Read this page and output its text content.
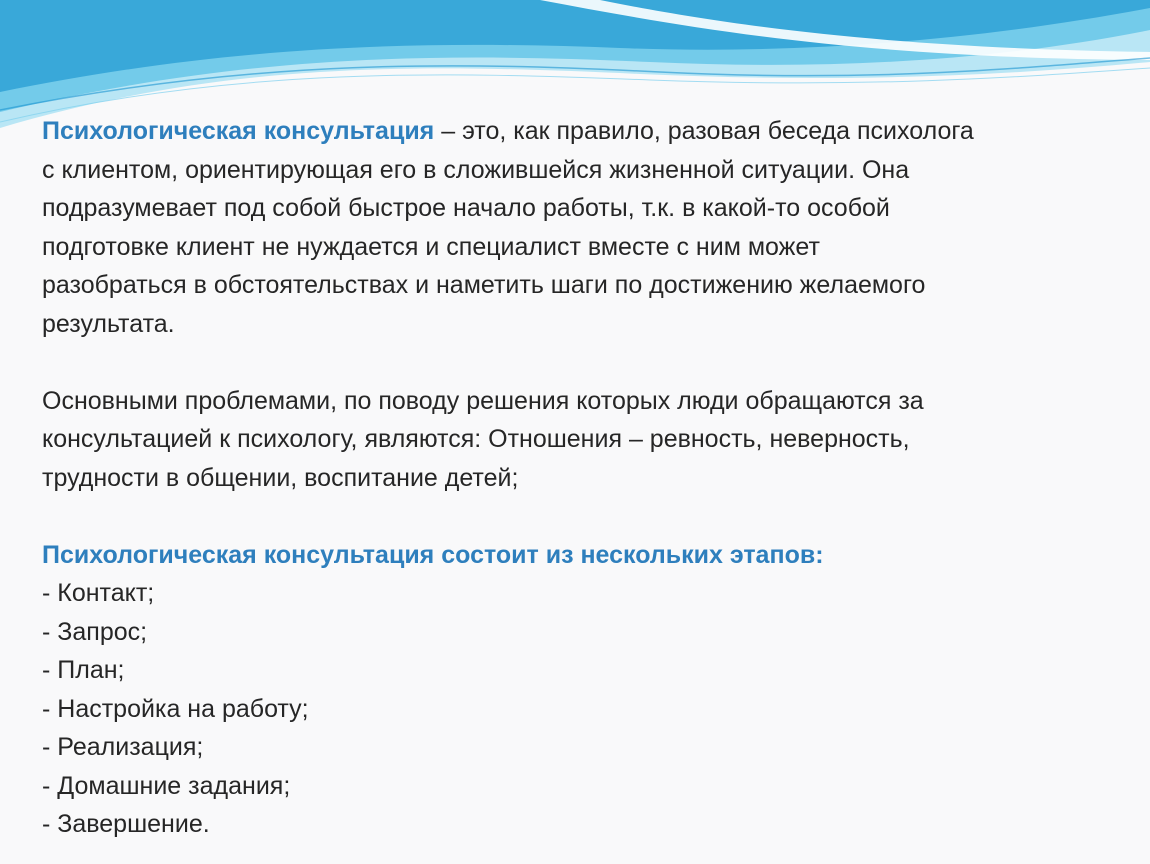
Психологическая консультация – это, как правило, разовая беседа психолога
с клиентом, ориентирующая его в сложившейся жизненной ситуации. Она
подразумевает под собой быстрое начало работы, т.к. в какой-то особой
подготовке клиент не нуждается и специалист вместе с ним может
разобраться в обстоятельствах и наметить шаги по достижению желаемого
результата.

Основными проблемами, по поводу решения которых люди обращаются за
консультацией к психологу, являются: Отношения – ревность, неверность,
трудности в общении, воспитание детей;

Психологическая консультация состоит из нескольких этапов:
- Контакт;
- Запрос;
- План;
- Настройка на работу;
- Реализация;
- Домашние задания;
- Завершение.
